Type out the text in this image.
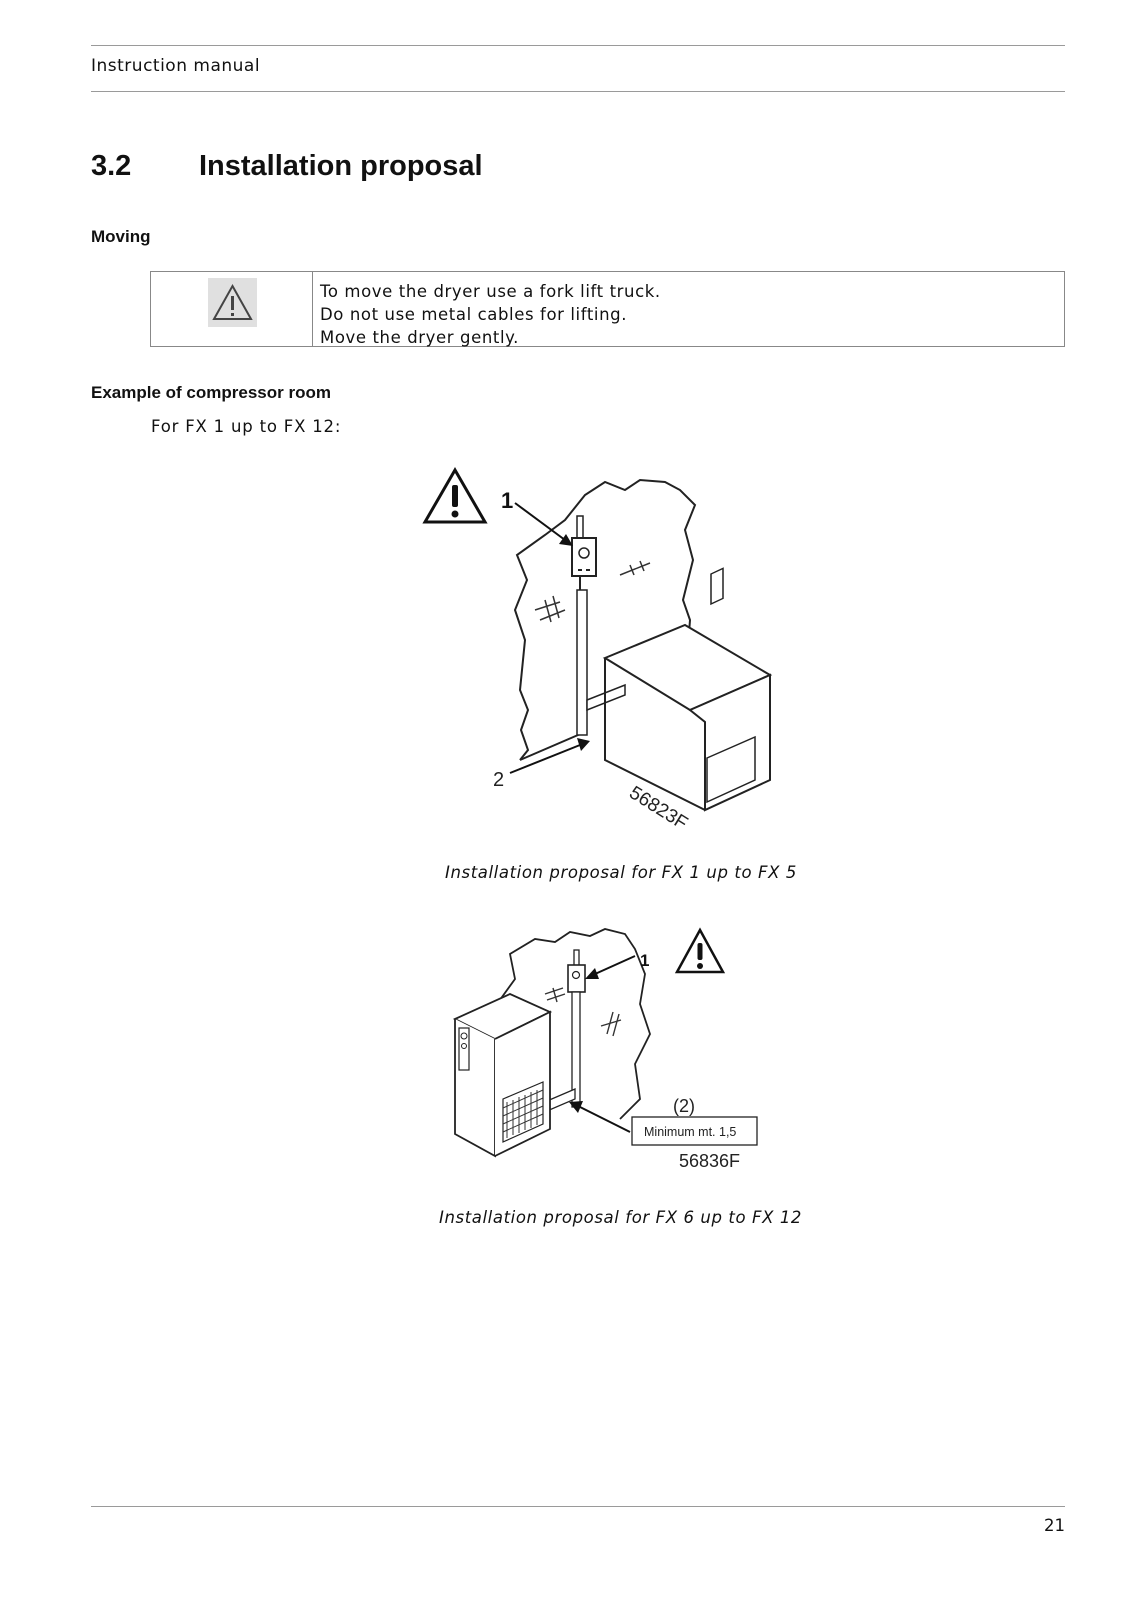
Instruction manual
3.2 Installation proposal
Moving
To move the dryer use a fork lift truck.
Do not use metal cables for lifting.
Move the dryer gently.
Example of compressor room
For FX 1 up to FX 12:
1
2
56823F
Installation proposal for FX 1 up to FX 5
1
(2)
Minimum mt. 1,5
56836F
Installation proposal for FX 6 up to FX 12
21
